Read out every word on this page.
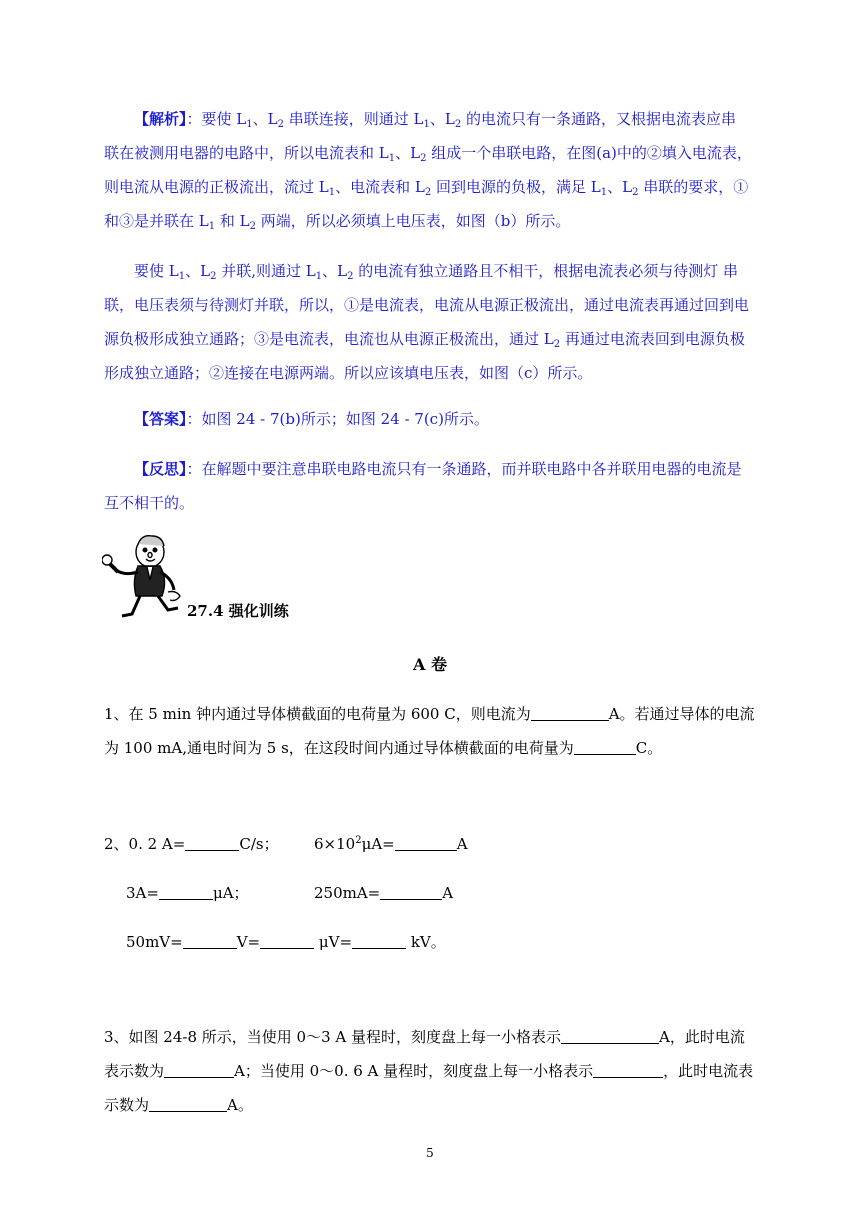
【解析】：要使 $L_1$、$L_2$ 串联连接，则通过 $L_1$、$L_2$ 的电流只有一条通路，又根据电流表应串 联在被测用电器的电路中，所以电流表和 $L_1$、$L_2$ 组成一个串联电路，在图(a)中的②填入电流表，则电流从电源的正极流出，流过 $L_1$、电流表和 $L_2$ 回到电源的负极，满足 $L_1$、$L_2$ 串联的要求，①和③是并联在 $L_1$ 和 $L_2$ 两端，所以必须填上电压表，如图（b）所示。
要使 $L_1$、$L_2$ 并联,则通过 $L_1$、$L_2$ 的电流有独立通路且不相干，根据电流表必须与待测灯 串联，电压表须与待测灯并联，所以，①是电流表，电流从电源正极流出，通过电流表再通过回到电源负极形成独立通路；③是电流表，电流也从电源正极流出，通过 $L_2$ 再通过电流表回到电源负极形成独立通路；②连接在电源两端。所以应该填电压表，如图（c）所示。
【答案】：如图 24 - 7(b)所示；如图 24 - 7(c)所示。
【反思】：在解题中要注意串联电路电流只有一条通路，而并联电路中各并联用电器的电流是互不相干的。
27.4 强化训练
A 卷
1、在 5 min 钟内通过导体横截面的电荷量为 600 C，则电流为	A。若通过导体的电流
为 100 mA,通电时间为 5 s，在这段时间内通过导体横截面的电荷量为	C。
2、0. 2 A=	C/s； $6\times 10^2\mu A=$	A
3A=	μA；	250mA=	A
50mV=	V=	μV=	kV。
3、如图 24-8 所示，当使用 0～3 A 量程时，刻度盘上每一小格表示	A，此时电流
表示数为	A；当使用 0～0. 6 A 量程时，刻度盘上每一小格表示	，此时电流表
示数为	A。
5
